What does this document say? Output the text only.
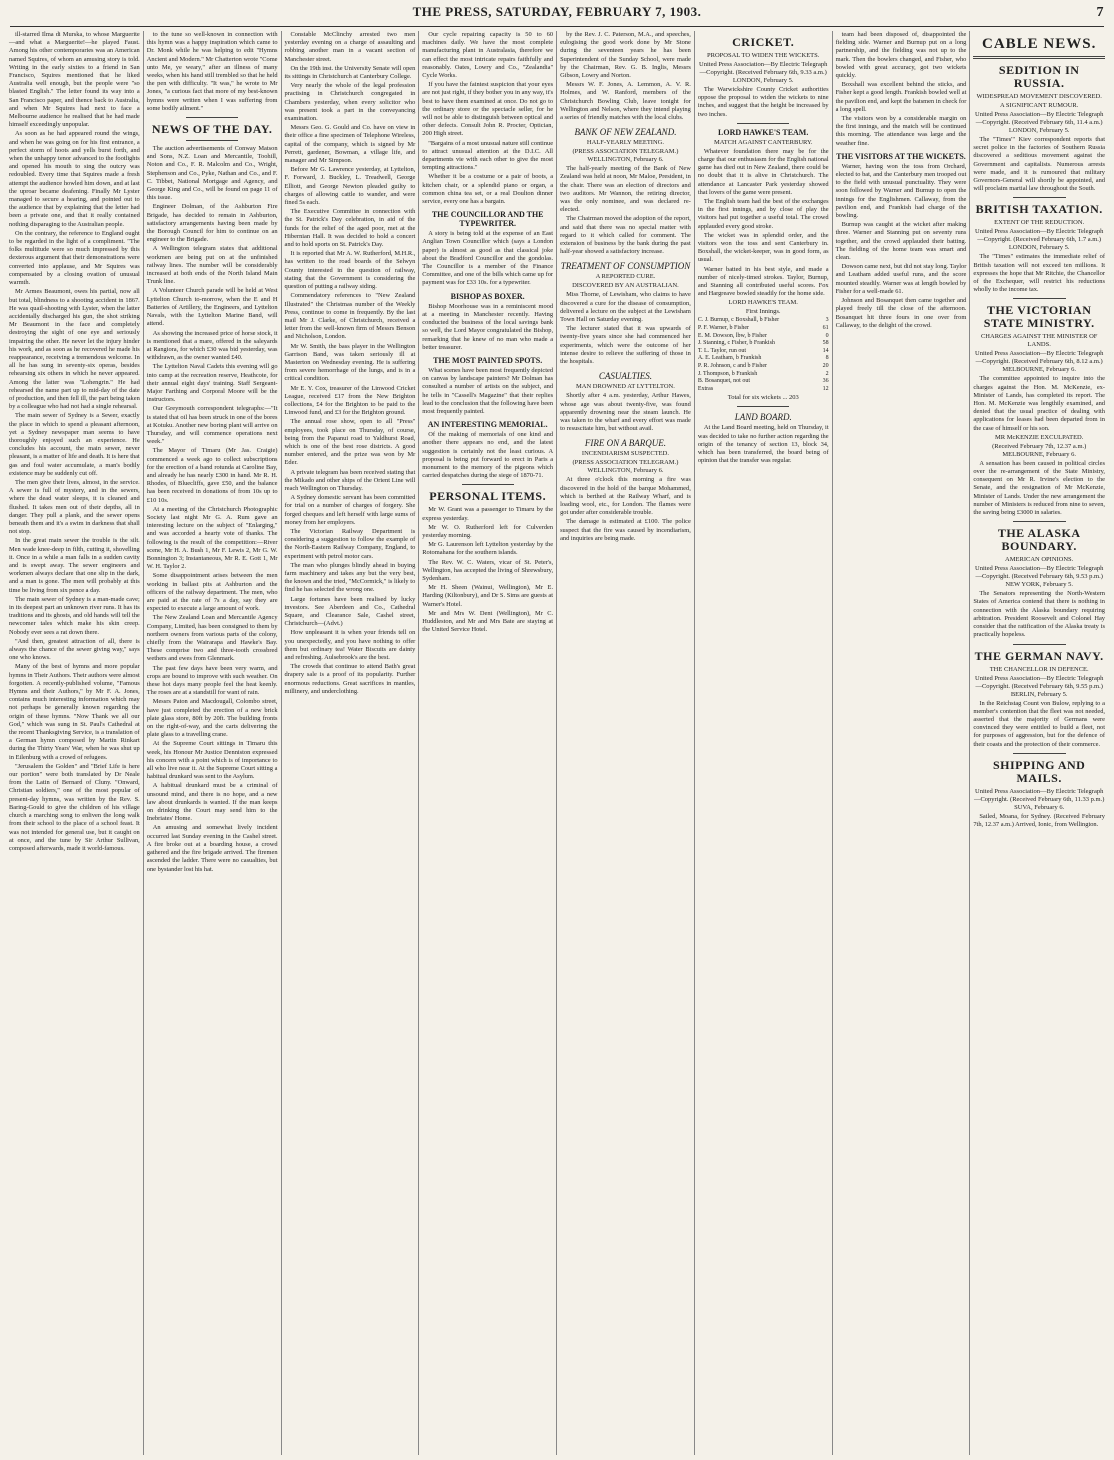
THE PRESS, SATURDAY, FEBRUARY 7, 1903.	7

ill-starred Ilma di Murska, to whose Marguerite—and what a Marguerite!—he played Faust. Among his other contemporaries was an American named Squires, of whom an amusing story is told. Writing in the early sixties to a friend in San Francisco, Squires mentioned that he liked Australia well enough, but the people were "so blasted English." The letter found its way into a San Francisco paper, and thence back to Australia, and when Mr Squires had next to face a Melbourne audience he realised that he had made himself exceedingly unpopular.

As soon as he had appeared round the wings, and when he was going on for his first entrance, a perfect storm of hoots and yells burst forth, and when the unhappy tenor advanced to the footlights and opened his mouth to sing the outcry was redoubled. Every time that Squires made a fresh attempt the audience howled him down, and at last the uproar became deafening. Finally Mr Lyster managed to secure a hearing, and pointed out to the audience that by explaining that the letter had been a private one, and that it really contained nothing disparaging to the Australian people.

On the contrary, the reference to England ought to be regarded in the light of a compliment. "The folks multitude were so much impressed by this dexterous argument that their demonstrations were converted into applause, and Mr Squires was compensated by a closing ovation of unusual warmth.

Mr Armes Beaumont, owes his partial, now all but total, blindness to a shooting accident in 1867. He was quail-shooting with Lyster, when the latter accidentally discharged his gun, the shot striking Mr Beaumont in the face and completely destroying the sight of one eye and seriously impairing the other. He never let the injury hinder his work, and as soon as he recovered he made his reappearance, receiving a tremendous welcome. In all he has sung in seventy-six operas, besides rehearsing six others in which he never appeared. Among the latter was "Lohengrin." He had rehearsed the name part up to mid-day of the date of production, and then fell ill, the part being taken by a colleague who had not had a single rehearsal.

The main sewer of Sydney is a Sewer, exactly the place in which to spend a pleasant afternoon, yet a Sydney newspaper man seems to have thoroughly enjoyed such an experience. He concludes his account, the main sewer, never pleasant, is a matter of life and death. It is here that gas and foul water accumulate, a man's bodily existence may be suddenly cut off.

The men give their lives, almost, in the service. A sewer is full of mystery, and in the sewers, where the dead water sleeps, it is cleaned and flushed. It takes men out of their depths, all in danger. They pull a plank, and the sewer opens beneath them and it's a swim in darkness that shall not stop.

In the great main sewer the trouble is the silt. Men wade knee-deep in filth, cutting it, shovelling it. Once in a while a man falls in a sudden cavity and is swept away. The sewer engineers and workmen always declare that one slip in the dark, and a man is gone. The men will probably at this time be living from six pence a day.

The main sewer of Sydney is a man-made cave; in its deepest part an unknown river runs. It has its traditions and its ghosts, and old hands will tell the newcomer tales which make his skin creep. Nobody ever sees a rat down there.

"And then, greatest attraction of all, there is always the chance of the sewer giving way," says one who knows.

Many of the best of hymns and more popular hymns in Their Authors. Their authors were almost forgotten. A recently-published volume, "Famous Hymns and their Authors," by Mr F. A. Jones, contains much interesting information which may not perhaps be generally known regarding the origin of these hymns. "Now Thank we all our God," which was sung in St. Paul's Cathedral at the recent Thanksgiving Service, is a translation of a German hymn composed by Martin Rinkart during the Thirty Years' War, when he was shut up in Eilenburg with a crowd of refugees.

"Jerusalem the Golden" and "Brief Life is here our portion" were both translated by Dr Neale from the Latin of Bernard of Cluny. "Onward, Christian soldiers," one of the most popular of present-day hymns, was written by the Rev. S. Baring-Gould to give the children of his village church a marching song to enliven the long walk from their school to the place of a school feast. It was not intended for general use, but it caught on at once, and the tune by Sir Arthur Sullivan, composed afterwards, made it world-famous.

to the tune so well-known in connection with this hymn was a happy inspiration which came to Dr. Monk while he was helping to edit "Hymns Ancient and Modern." Mr Chatterton wrote "Come unto Me, ye weary," after an illness of many weeks, when his hand still trembled so that he held the pen with difficulty. "It was," he wrote to Mr Jones, "a curious fact that more of my best-known hymns were written when I was suffering from some bodily ailment."

NEWS OF THE DAY.

The auction advertisements of Conway Matson and Sons, N.Z. Loan and Mercantile, Toohill, Noton and Co., F. R. Malcolm and Co., Wright, Stephenson and Co., Pyke, Nathan and Co., and F. C. Tibbet, National Mortgage and Agency, and George King and Co., will be found on page 11 of this issue.

Engineer Dolman, of the Ashburton Fire Brigade, has decided to remain in Ashburton, satisfactory arrangements having been made by the Borough Council for him to continue on an engineer to the Brigade.

A Wellington telegram states that additional workmen are being put on at the unfinished railway lines. The number will be considerably increased at both ends of the North Island Main Trunk line.

A Volunteer Church parade will be held at West Lyttelton Church to-morrow, when the E and H Batteries of Artillery, the Engineers, and Lyttelton Navals, with the Lyttelton Marine Band, will attend.

As showing the increased price of horse stock, it is mentioned that a mare, offered in the saleyards at Rangiora, for which £30 was bid yesterday, was withdrawn, as the owner wanted £40.

The Lyttelton Naval Cadets this evening will go into camp at the recreation reserve, Heathcote, for their annual eight days' training. Staff Sergeant-Major Farthing and Corporal Moore will be the instructors.

Our Greymouth correspondent telegraphs:—"It is stated that oil has been struck in one of the bores at Kotuku. Another new boring plant will arrive on Thursday, and will commence operations next week."

The Mayor of Timaru (Mr Jas. Craigie) commenced a week ago to collect subscriptions for the erection of a band rotunda at Caroline Bay, and already he has nearly £300 in hand. Mr R. H. Rhodes, of Bluecliffs, gave £50, and the balance has been received in donations of from 10s up to £10 10s.

At a meeting of the Christchurch Photographic Society last night Mr G. A. Rum gave an interesting lecture on the subject of "Enlarging," and was accorded a hearty vote of thanks. The following is the result of the competition:—River scene, Mr H. A. Bush 1, Mr F. Lewis 2, Mr G. W. Bonnington 3; Instantaneous, Mr R. E. Gott 1, Mr W. H. Taylor 2.

Some disappointment arises between the men working in ballast pits at Ashburton and the officers of the railway department. The men, who are paid at the rate of 7s a day, say they are expected to execute a large amount of work.

The New Zealand Loan and Mercantile Agency Company, Limited, has been consigned to them by northern owners from various parts of the colony, chiefly from the Wairarapa and Hawke's Bay. These comprise two and three-tooth crossbred wethers and ewes from Glenmark.

The past few days have been very warm, and crops are bound to improve with such weather. On these hot days many people feel the heat keenly. The roses are at a standstill for want of rain.

Messrs Paton and Macdougall, Colombo street, have just completed the erection of a new brick plate glass store, 80ft by 20ft. The building fronts on the right-of-way, and the carts delivering the plate glass to a travelling crane.

At the Supreme Court sittings in Timaru this week, his Honour Mr Justice Denniston expressed his concern with a point which is of importance to all who live near it. At the Supreme Court sitting a habitual drunkard was sent to the Asylum.

A habitual drunkard must be a criminal of unsound mind, and there is no hope, and a new law about drunkards is wanted. If the man keeps on drinking the Court may send him to the Inebriates' Home.

An amusing and somewhat lively incident occurred last Sunday evening in the Cashel street. A fire broke out at a boarding house, a crowd gathered and the fire brigade arrived. The firemen ascended the ladder. There were no casualties, but one bystander lost his hat.

Constable McClinchy arrested two men yesterday evening on a charge of assaulting and robbing another man in a vacant section of Manchester street.

On the 19th inst. the University Senate will open its sittings in Christchurch at Canterbury College.

Very nearly the whole of the legal profession practising in Christchurch congregated in Chambers yesterday, when every solicitor who was present took a part in the conveyancing examination.

Messrs Geo. G. Gould and Co. have on view in their office a fine specimen of Telephone Wireless, capital of the company, which is signed by Mr Perrett, gardener, Bowman, a village life, and manager and Mr Simpson.

Before Mr G. Lawrence yesterday, at Lyttelton, F. Forward, J. Buckley, L. Treadwell, George Elliott, and George Newton pleaded guilty to charges of allowing cattle to wander, and were fined 5s each.

The Executive Committee in connection with the St. Patrick's Day celebration, in aid of the funds for the relief of the aged poor, met at the Hibernian Hall. It was decided to hold a concert and to hold sports on St. Patrick's Day.

It is reported that Mr A. W. Rutherford, M.H.R., has written to the road boards of the Selwyn County interested in the question of railway, stating that the Government is considering the question of putting a railway siding.

Commendatory references to "New Zealand Illustrated" the Christmas number of the Weekly Press, continue to come in frequently. By the last mail Mr J. Clarke, of Christchurch, received a letter from the well-known firm of Messrs Benson and Nicholson, London.

Mr W. Smith, the bass player in the Wellington Garrison Band, was taken seriously ill at Masterton on Wednesday evening. He is suffering from severe hemorrhage of the lungs, and is in a critical condition.

Mr E. Y. Cox, treasurer of the Linwood Cricket League, received £17 from the New Brighton collections, £4 for the Brighton to be paid to the Linwood fund, and £3 for the Brighton ground.

The annual rose show, open to all "Press" employees, took place on Thursday, of course, being from the Papanui road to Yaldhurst Road, which is one of the best rose districts. A good number entered, and the prize was won by Mr Eder.

A private telegram has been received stating that the Mikado and other ships of the Orient Line will reach Wellington on Thursday.

A Sydney domestic servant has been committed for trial on a number of charges of forgery. She forged cheques and left herself with large sums of money from her employers.

The Victorian Railway Department is considering a suggestion to follow the example of the North-Eastern Railway Company, England, to experiment with petrol motor cars.

The man who plunges blindly ahead in buying farm machinery and takes any but the very best, the known and the tried, "McCormick," is likely to find he has selected the wrong one.

Large fortunes have been realised by lucky investors. See Aberdeen and Co., Cathedral Square, and Clearance Sale, Cashel street, Christchurch—(Advt.)

How unpleasant it is when your friends tell on you unexpectedly, and you have nothing to offer them but ordinary tea! Water Biscuits are dainty and refreshing. Aulsebrook's are the best.

The crowds that continue to attend Bath's great drapery sale is a proof of its popularity. Further enormous reductions. Great sacrifices in mantles, millinery, and underclothing.

Our cycle repairing capacity is 50 to 60 machines daily. We have the most complete manufacturing plant in Australasia, therefore we can effect the most intricate repairs faithfully and reasonably. Oates, Lowry and Co., "Zealandia" Cycle Works.

If you have the faintest suspicion that your eyes are not just right, if they bother you in any way, it's best to have them examined at once. Do not go to the ordinary store or the spectacle seller, for he will not be able to distinguish between optical and other defects. Consult John R. Procter, Optician, 200 High street.

"Bargains of a most unusual nature still continue to attract unusual attention at the D.I.C. All departments vie with each other to give the most tempting attractions."

Whether it be a costume or a pair of boots, a kitchen chair, or a splendid piano or organ, a common china tea set, or a real Doulton dinner service, every one has a bargain.

THE COUNCILLOR AND THE TYPEWRITER.

A story is being told at the expense of an East Anglian Town Councillor which (says a London paper) is almost as good as that classical joke about the Bradford Councillor and the gondolas. The Councillor is a member of the Finance Committee, and one of the bills which came up for payment was for £33 10s. for a typewriter.

BISHOP AS BOXER.

Bishop Moorhouse was in a reminiscent mood at a meeting in Manchester recently. Having conducted the business of the local savings bank so well, the Lord Mayor congratulated the Bishop, remarking that he knew of no man who made a better treasurer.

THE MOST PAINTED SPOTS.

What scenes have been most frequently depicted on canvas by landscape painters? Mr Dolman has consulted a number of artists on the subject, and he tells in "Cassell's Magazine" that their replies lead to the conclusion that the following have been most frequently painted.

AN INTERESTING MEMORIAL.

Of the making of memorials of one kind and another there appears no end, and the latest suggestion is certainly not the least curious. A proposal is being put forward to erect in Paris a monument to the memory of the pigeons which carried despatches during the siege of 1870-71.

PERSONAL ITEMS.

Mr W. Grant was a passenger to Timaru by the express yesterday.

Mr W. O. Rutherford left for Culverden yesterday morning.

Mr G. Laurenson left Lyttelton yesterday by the Rotomahana for the southern islands.

The Rev. W. C. Waters, vicar of St. Peter's, Wellington, has accepted the living of Shrewsbury, Sydenham.

Mr H. Sheen (Wainui, Wellington), Mr E. Harding (Kiltonbury), and Dr S. Sims are guests at Warner's Hotel.

Mr and Mrs W. Dent (Wellington), Mr C. Huddleston, and Mr and Mrs Bate are staying at the United Service Hotel.

by the Rev. J. C. Paterson, M.A., and speeches, eulogising the good work done by Mr Stone during the seventeen years he has been Superintendent of the Sunday School, were made by the Chairman, Rev. G. B. Inglis, Messrs Gibson, Lowry and Norton.

Messrs W. F. Jones, A. Lemmon, A. V. R. Holmes, and W. Ranford, members of the Christchurch Bowling Club, leave tonight for Wellington and Nelson, where they intend playing a series of friendly matches with the local clubs.

BANK OF NEW ZEALAND.
HALF-YEARLY MEETING.
(PRESS ASSOCIATION TELEGRAM.) WELLINGTON, February 6.

The half-yearly meeting of the Bank of New Zealand was held at noon, Mr Maloe, President, in the chair. There was an election of directors and two auditors. Mr Wannon, the retiring director, was the only nominee, and was declared re-elected.

The Chairman moved the adoption of the report, and said that there was no special matter with regard to it which called for comment. The extension of business by the bank during the past half-year showed a satisfactory increase.

TREATMENT OF CONSUMPTION
A REPORTED CURE.
DISCOVERED BY AN AUSTRALIAN.

Miss Thorne, of Lewisham, who claims to have discovered a cure for the disease of consumption, delivered a lecture on the subject at the Lewisham Town Hall on Saturday evening.

The lecturer stated that it was upwards of twenty-five years since she had commenced her experiments, which were the outcome of her intense desire to relieve the suffering of those in the hospitals.

CASUALTIES.
MAN DROWNED AT LYTTELTON.

Shortly after 4 a.m. yesterday, Arthur Hawes, whose age was about twenty-five, was found apparently drowning near the steam launch. He was taken to the wharf and every effort was made to resuscitate him, but without avail.

FIRE ON A BARQUE.
INCENDIARISM SUSPECTED.
(PRESS ASSOCIATION TELEGRAM.) WELLINGTON, February 6.

At three o'clock this morning a fire was discovered in the hold of the barque Mohammed, which is berthed at the Railway Wharf, and is loading wool, etc., for London. The flames were got under after considerable trouble.

The damage is estimated at £100. The police suspect that the fire was caused by incendiarism, and inquiries are being made.

CRICKET.
PROPOSAL TO WIDEN THE WICKETS.
United Press Association—By Electric Telegraph—Copyright. (Received February 6th, 9.33 a.m.) LONDON, February 5.

The Warwickshire County Cricket authorities oppose the proposal to widen the wickets to nine inches, and suggest that the height be increased by two inches.

LORD HAWKE'S TEAM.
MATCH AGAINST CANTERBURY.

Whatever foundation there may be for the charge that our enthusiasm for the English national game has died out in New Zealand, there could be no doubt that it is alive in Christchurch. The attendance at Lancaster Park yesterday showed that lovers of the game were present.

The English team had the best of the exchanges in the first innings, and by close of play the visitors had put together a useful total. The crowd applauded every good stroke.

The wicket was in splendid order, and the visitors won the toss and sent Canterbury in. Boxshall, the wicket-keeper, was in good form, as usual.

Warner batted in his best style, and made a number of nicely-timed strokes. Taylor, Burnup, and Stanning all contributed useful scores. Fox and Hargreave bowled steadily for the home side.

LORD HAWKE'S TEAM.
First Innings.
C. J. Burnup, c Boxshall, b Fisher	3
P. F. Warner, b Fisher	61
E. M. Dowson, lbw, b Fisher	0
J. Stanning, c Fisher, b Frankish	58
T. L. Taylor, run out	14
A. E. Leatham, b Frankish	8
P. R. Johnson, c and b Fisher	20
J. Thompson, b Frankish	2
B. Bosanquet, not out	36
Extras	12
Total for six wickets ... 203
LAND BOARD.

At the Land Board meeting, held on Thursday, it was decided to take no further action regarding the origin of the tenancy of section 13, block 34, which has been transferred, the board being of opinion that the transfer was regular.

team had been disposed of, disappointed the fielding side. Warner and Burnup put on a long partnership, and the fielding was not up to the mark. Then the bowlers changed, and Fisher, who bowled with great accuracy, got two wickets quickly.

Boxshall was excellent behind the sticks, and Fisher kept a good length. Frankish bowled well at the pavilion end, and kept the batsmen in check for a long spell.

The visitors won by a considerable margin on the first innings, and the match will be continued this morning. The attendance was large and the weather fine.

THE VISITORS AT THE WICKETS.

Warner, having won the toss from Orchard, elected to bat, and the Canterbury men trooped out to the field with unusual punctuality. They were soon followed by Warner and Burnup to open the innings for the Englishmen. Callaway, from the pavilion end, and Frankish had charge of the bowling.

Burnup was caught at the wicket after making three. Warner and Stanning put on seventy runs together, and the crowd applauded their batting. The fielding of the home team was smart and clean.

Dowson came next, but did not stay long. Taylor and Leatham added useful runs, and the score mounted steadily. Warner was at length bowled by Fisher for a well-made 61.

Johnson and Bosanquet then came together and played freely till the close of the afternoon. Bosanquet hit three fours in one over from Callaway, to the delight of the crowd.

CABLE NEWS.
SEDITION IN RUSSIA.
WIDESPREAD MOVEMENT DISCOVERED.
A SIGNIFICANT RUMOUR.
United Press Association—By Electric Telegraph—Copyright. (Received February 6th, 11.4 a.m.) LONDON, February 5.

The "Times'" Kiev correspondent reports that secret police in the factories of Southern Russia discovered a seditious movement against the Government and capitalists. Numerous arrests were made, and it is rumoured that military Governors-General will shortly be appointed, and will proclaim martial law throughout the South.

BRITISH TAXATION.
EXTENT OF THE REDUCTION.
United Press Association—By Electric Telegraph—Copyright. (Received February 6th, 1.7 a.m.) LONDON, February 5.

The "Times" estimates the immediate relief of British taxation will not exceed ten millions. It expresses the hope that Mr Ritchie, the Chancellor of the Exchequer, will restrict his reductions wholly to the income tax.

THE VICTORIAN STATE MINISTRY.
CHARGES AGAINST THE MINISTER OF LANDS.
United Press Association—By Electric Telegraph—Copyright. (Received February 6th, 8.12 a.m.) MELBOURNE, February 6.

The committee appointed to inquire into the charges against the Hon. M. McKenzie, ex-Minister of Lands, has completed its report. The Hon. M. McKenzie was lengthily examined, and denied that the usual practice of dealing with applications for leases had been departed from in the case of himself or his son.

MR McKENZIE EXCULPATED.
(Received February 7th, 12.37 a.m.) MELBOURNE, February 6.

A sensation has been caused in political circles over the re-arrangement of the State Ministry, consequent on Mr R. Irvine's election to the Senate, and the resignation of Mr McKenzie, Minister of Lands. Under the new arrangement the number of Ministers is reduced from nine to seven, the saving being £3000 in salaries.

THE ALASKA BOUNDARY.
AMERICAN OPINIONS.
United Press Association—By Electric Telegraph—Copyright. (Received February 6th, 9.53 p.m.) NEW YORK, February 5.

The Senators representing the North-Western States of America contend that there is nothing in connection with the Alaska boundary requiring arbitration. President Roosevelt and Colonel Hay consider that the ratification of the Alaska treaty is practically hopeless.

THE GERMAN NAVY.
THE CHANCELLOR IN DEFENCE.
United Press Association—By Electric Telegraph—Copyright. (Received February 6th, 9.55 p.m.) BERLIN, February 5.

In the Reichstag Count von Bulow, replying to a member's contention that the fleet was not needed, asserted that the majority of Germans were convinced they were entitled to build a fleet, not for purposes of aggression, but for the defence of their coasts and the protection of their commerce.

SHIPPING AND MAILS.
United Press Association—By Electric Telegraph—Copyright. (Received February 6th, 11.33 p.m.) SUVA, February 6.

Sailed, Moana, for Sydney. (Received February 7th, 12.37 a.m.) Arrived, Ionic, from Wellington.
